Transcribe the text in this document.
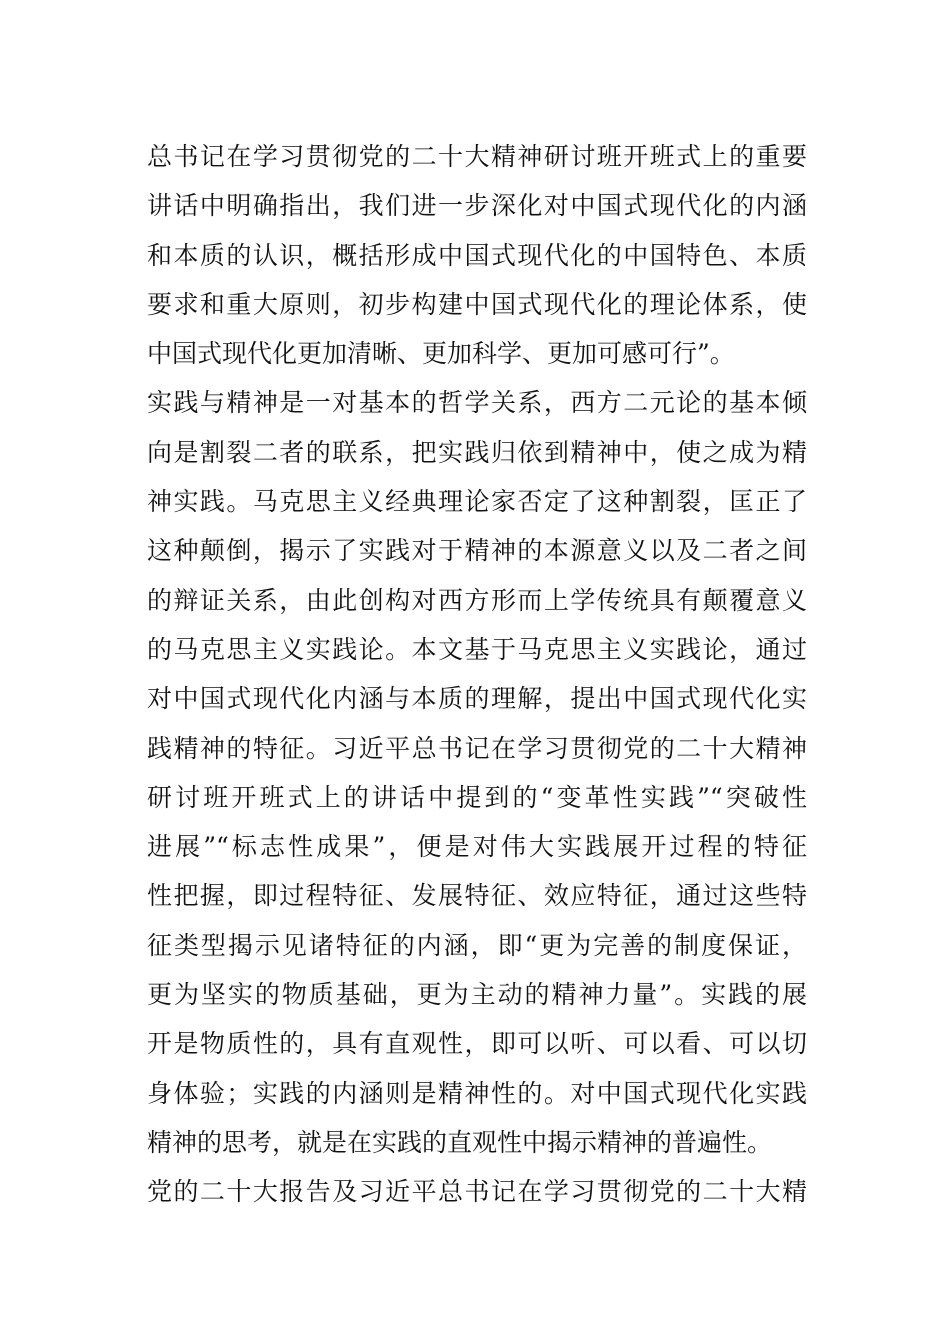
总书记在学习贯彻党的二十大精神研讨班开班式上的重要
讲话中明确指出，我们进一步深化对中国式现代化的内涵
和本质的认识，概括形成中国式现代化的中国特色、本质
要求和重大原则，初步构建中国式现代化的理论体系，使
中国式现代化更加清晰、更加科学、更加可感可行”。
实践与精神是一对基本的哲学关系，西方二元论的基本倾
向是割裂二者的联系，把实践归依到精神中，使之成为精
神实践。马克思主义经典理论家否定了这种割裂，匡正了
这种颠倒，揭示了实践对于精神的本源意义以及二者之间
的辩证关系，由此创构对西方形而上学传统具有颠覆意义
的马克思主义实践论。本文基于马克思主义实践论，通过
对中国式现代化内涵与本质的理解，提出中国式现代化实
践精神的特征。习近平总书记在学习贯彻党的二十大精神
研讨班开班式上的讲话中提到的“变革性实践”“突破性
进展”“标志性成果”，便是对伟大实践展开过程的特征
性把握，即过程特征、发展特征、效应特征，通过这些特
征类型揭示见诸特征的内涵，即“更为完善的制度保证，
更为坚实的物质基础，更为主动的精神力量”。实践的展
开是物质性的，具有直观性，即可以听、可以看、可以切
身体验；实践的内涵则是精神性的。对中国式现代化实践
精神的思考，就是在实践的直观性中揭示精神的普遍性。
党的二十大报告及习近平总书记在学习贯彻党的二十大精
